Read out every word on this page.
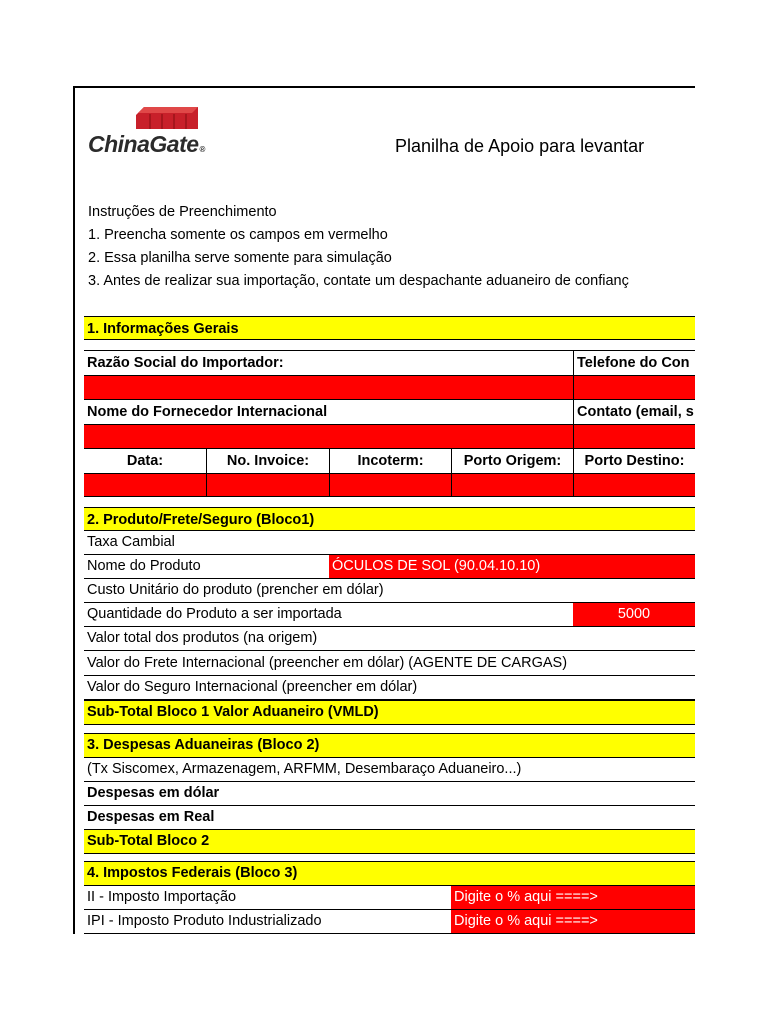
ChinaGate®	Planilha de Apoio para levantar
Instruções de Preenchimento
1. Preencha somente os campos em vermelho
2. Essa planilha serve somente para simulação
3. Antes de realizar sua importação, contate um despachante aduaneiro de confianç
1. Informações Gerais
Razão Social do Importador:	Telefone do Con
Nome do Fornecedor Internacional	Contato (email, s
Data:	No. Invoice:	Incoterm:	Porto Origem:	Porto Destino:
2. Produto/Frete/Seguro (Bloco1)
Taxa Cambial
Nome do Produto	ÓCULOS DE SOL (90.04.10.10)
Custo Unitário do produto (prencher em dólar)
Quantidade do Produto a ser importada	5000
Valor total dos produtos (na origem)
Valor do Frete Internacional (preencher em dólar) (AGENTE DE CARGAS)
Valor do Seguro Internacional (preencher em dólar)
Sub-Total Bloco 1 Valor Aduaneiro (VMLD)
3. Despesas Aduaneiras (Bloco 2)
(Tx Siscomex, Armazenagem, ARFMM, Desembaraço Aduaneiro...)
Despesas em dólar
Despesas em Real
Sub-Total Bloco 2
4. Impostos Federais (Bloco 3)
II - Imposto Importação	Digite o % aqui ====>
IPI - Imposto Produto Industrializado	Digite o % aqui ====>
